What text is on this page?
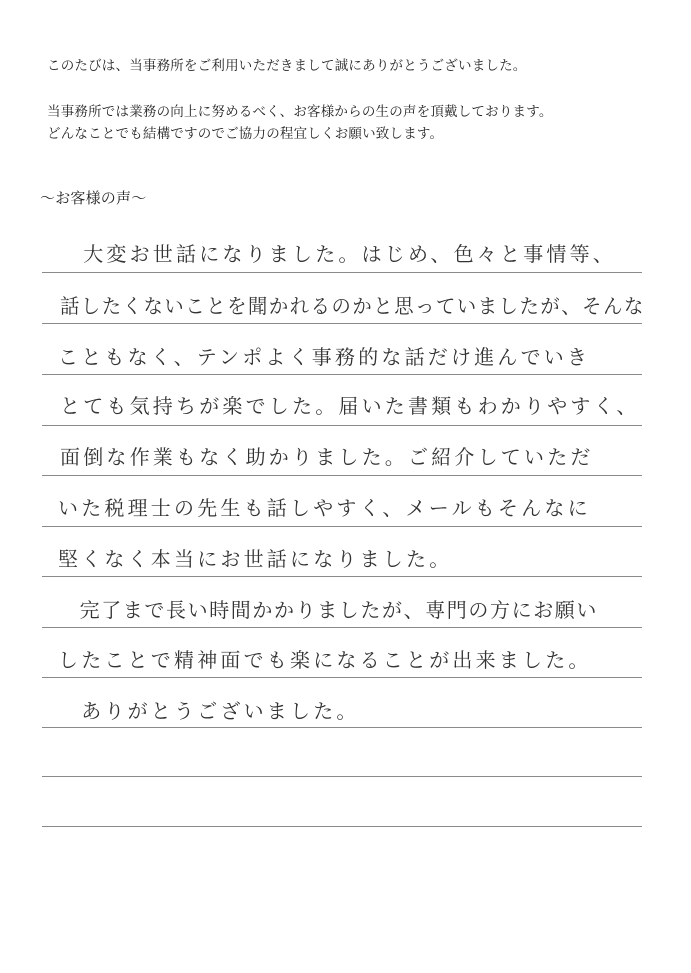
このたびは、当事務所をご利用いただきまして誠にありがとうございました。
当事務所では業務の向上に努めるべく、お客様からの生の声を頂戴しております。
どんなことでも結構ですのでご協力の程宜しくお願い致します。
～お客様の声～
　大変お世話になりました。はじめ、色々と事情等、
話したくないことを聞かれるのかと思っていましたが、そんな
こともなく、テンポよく事務的な話だけ進んでいき
とても気持ちが楽でした。届いた書類もわかりやすく、
面倒な作業もなく助かりました。ご紹介していただ
いた税理士の先生も話しやすく、メールもそんなに
堅くなく本当にお世話になりました。
　完了まで長い時間かかりましたが、専門の方にお願い
したことで精神面でも楽になることが出来ました。
　ありがとうございました。
